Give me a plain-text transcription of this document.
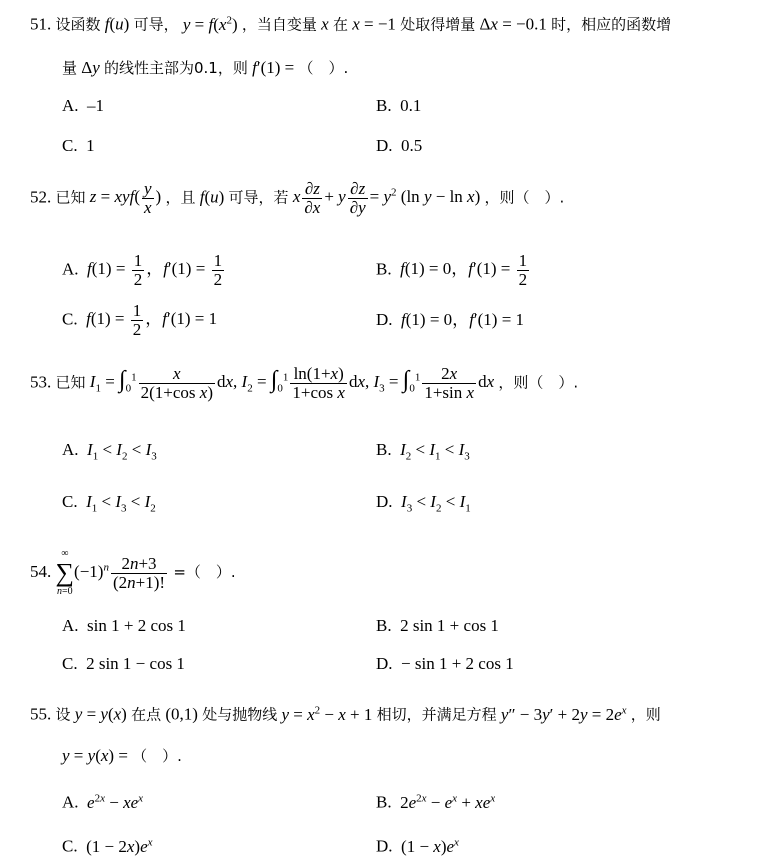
51. 设函数 f(u) 可导， $y = f(x^2)$ ，当自变量 x 在 x = −1 处取得增量 Δx = −0.1 时，相应的函数增
量 Δy 的线性主部为0.1，则 f′(1) = （　）.
A. –1	B. 0.1
C. 1	D. 0.5
52. 已知 $z = xyf( \frac{y}{x}$ ) ，且 f(u) 可导，若 x $\frac{\partial z}{\partial x} + y \frac{\partial z}{\partial y} = y^2$ (ln y − ln x) ，则（　）.
A. $f(1) = \frac{1}{2}$ ，$f'(1) = \frac{1}{2}$	B. f(1) = 0，$f'(1) = \frac{1}{2}$
C. $f(1) = \frac{1}{2}$ ，f′(1) = 1	D. f(1) = 0，f′(1) = 1
53. 已知 $I_1 = \int_0^1 \frac{x}{\text{2(1+cos x)}}$ dx, $I_2 = \int_0^1 \frac{\ln(1+x)}{\text{1+cos x}}$ dx, $I_3 = \int_0^1 \frac{2x}{\text{1+sin x}}$ dx ，则（　）.
A. $I_1 < I_2 < I_3$	B. $I_2 < I_1 < I_3$
C. $I_1 < I_3 < I_2$	D. $I_3 < I_2 < I_1$
54.
∞
∑
n=0
$(-1)^n \frac{2n+3}{(2n+1)!}$ =（　）.
A. sin 1 + 2 cos 1	B. 2 sin 1 + cos 1
C. 2 sin 1 − cos 1	D. − sin 1 + 2 cos 1
55. 设 y = y(x) 在点 (0,1) 处与抛物线 $y = x^2 - x + 1$ 相切，并满足方程 $y'' - 3y' + 2y = 2e^x$ ，则
y = y(x) = （　）.
A. $e^{2x} - xe^x$	B. $2e^{2x} - e^x + xe^x$
C. $(1 - 2x)e^x$	D. $(1 - x)e^x$
